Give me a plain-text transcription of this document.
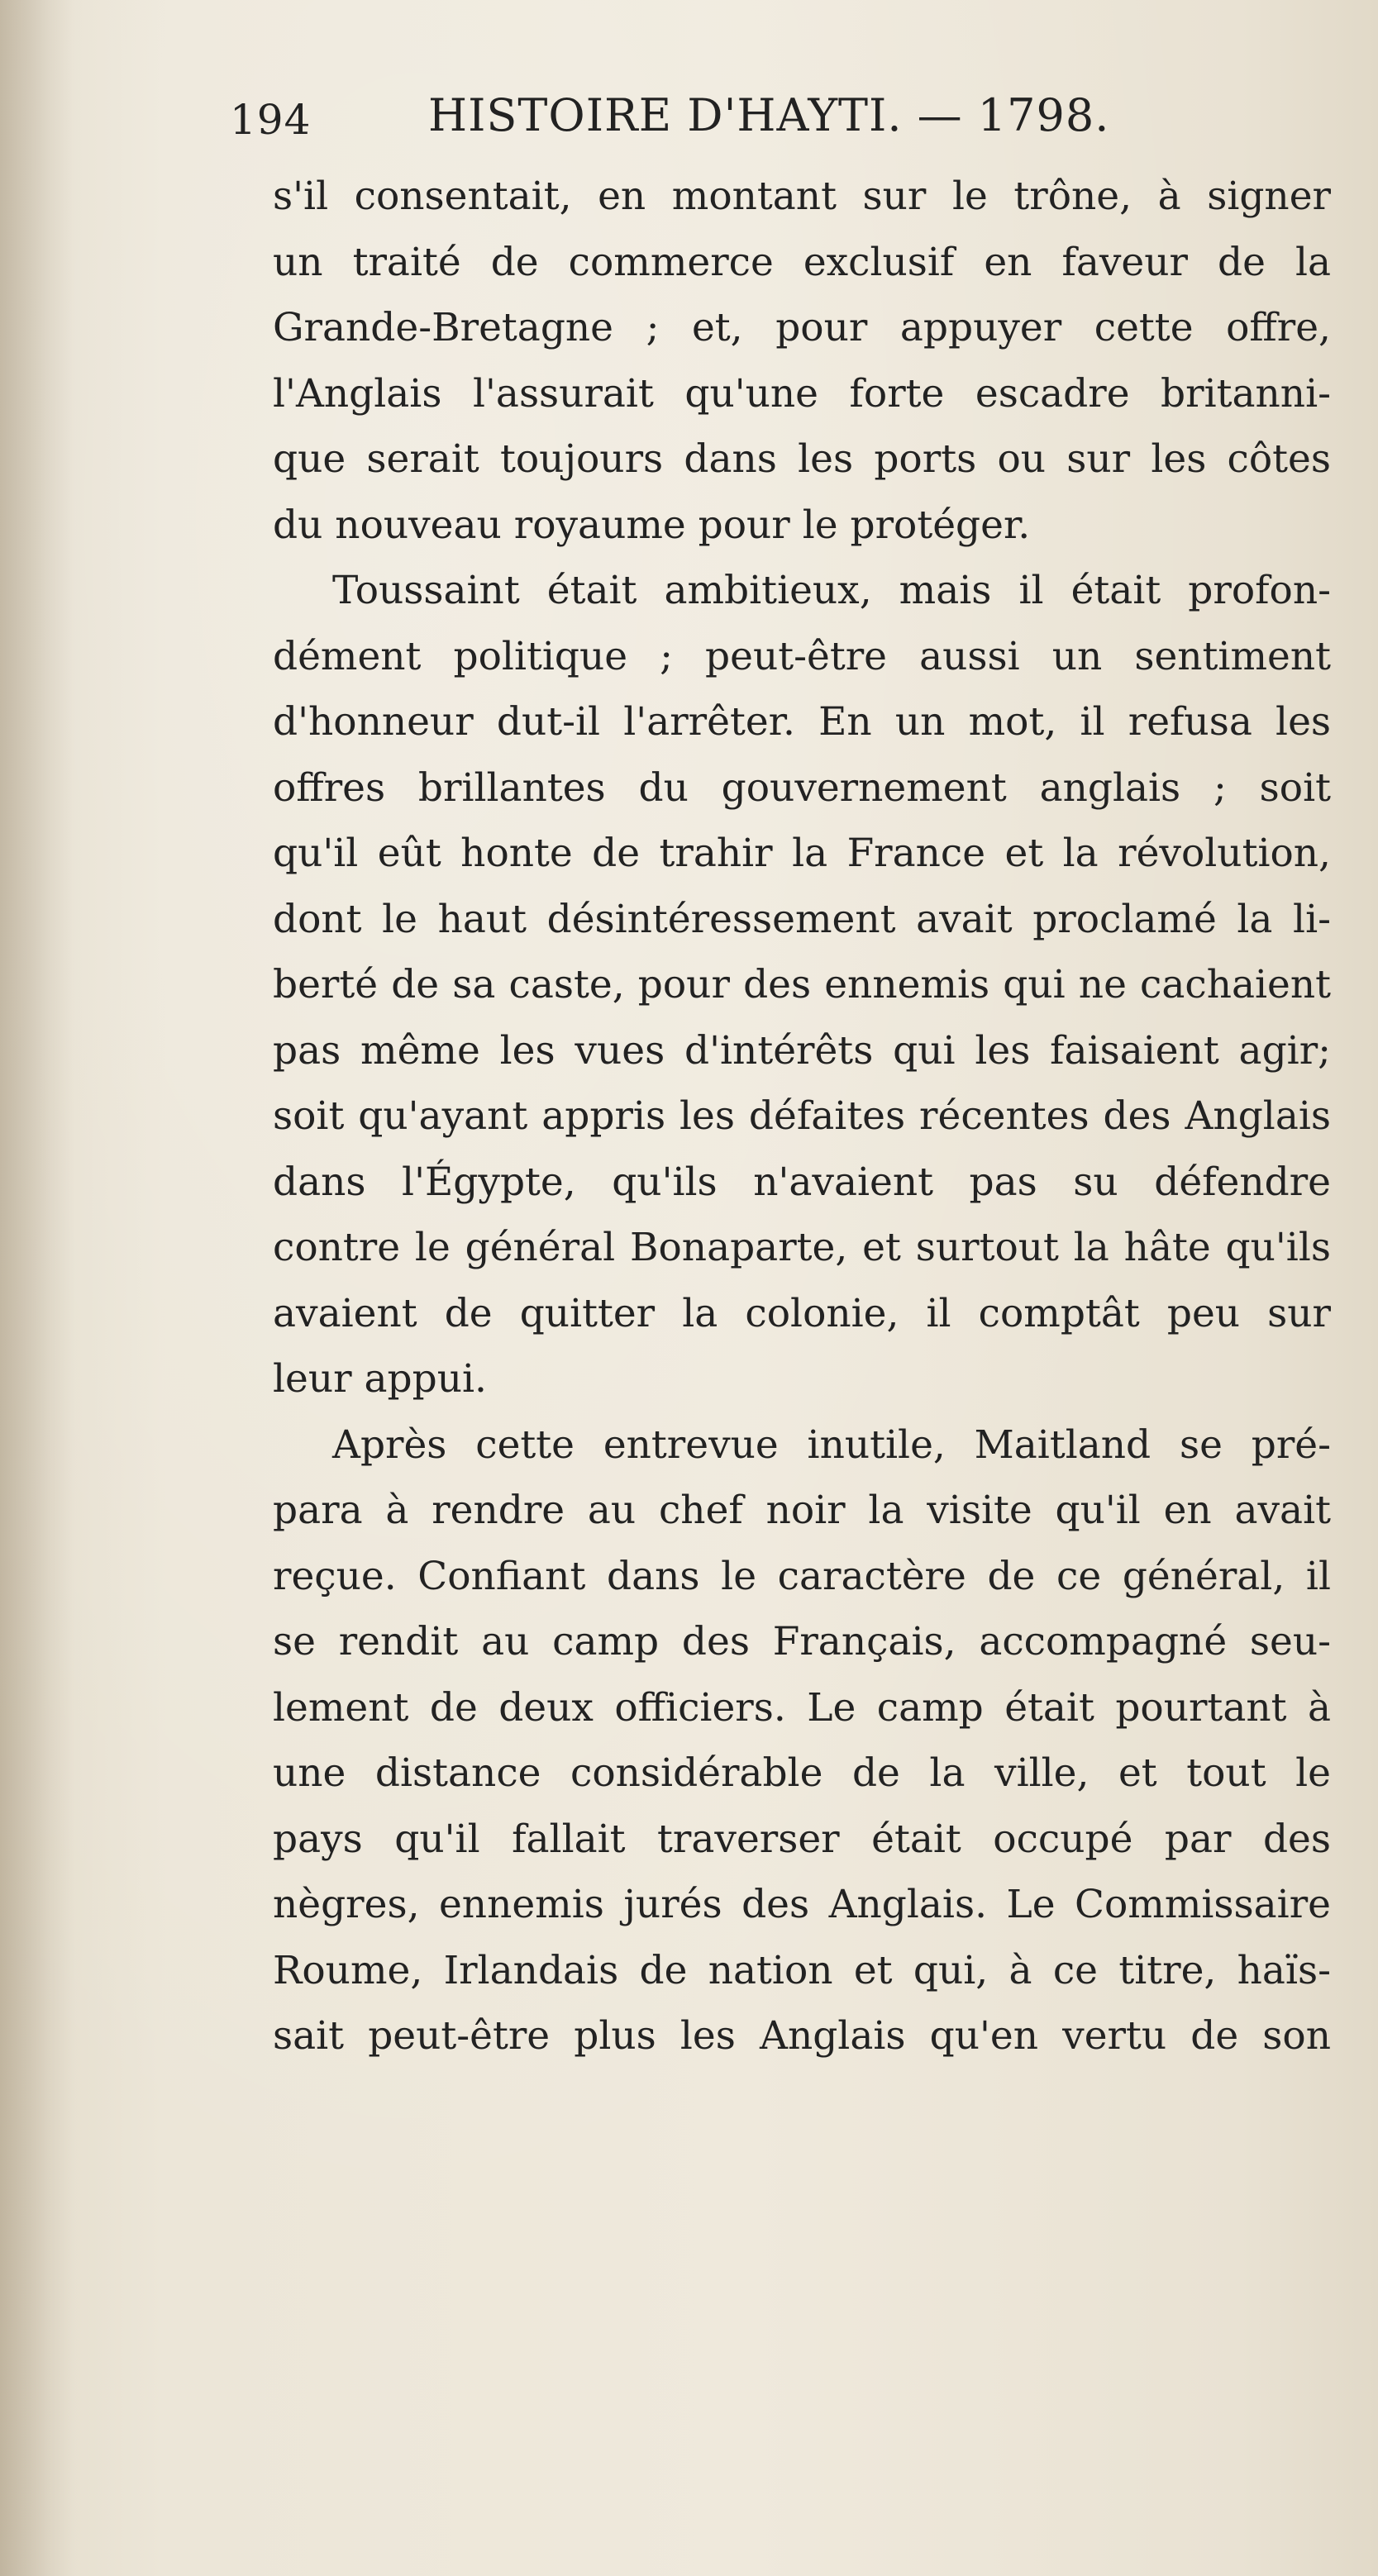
194	HISTOIRE D'HAYTI. — 1798.
s'il consentait, en montant sur le trône, à signer
un traité de commerce exclusif en faveur de la
Grande-Bretagne ; et, pour appuyer cette offre,
l'Anglais l'assurait qu'une forte escadre britanni-
que serait toujours dans les ports ou sur les côtes
du nouveau royaume pour le protéger.
Toussaint était ambitieux, mais il était profon-
dément politique ; peut-être aussi un sentiment
d'honneur dut-il l'arrêter. En un mot, il refusa les
offres brillantes du gouvernement anglais ; soit
qu'il eût honte de trahir la France et la révolution,
dont le haut désintéressement avait proclamé la li-
berté de sa caste, pour des ennemis qui ne cachaient
pas même les vues d'intérêts qui les faisaient agir;
soit qu'ayant appris les défaites récentes des Anglais
dans l'Égypte, qu'ils n'avaient pas su défendre
contre le général Bonaparte, et surtout la hâte qu'ils
avaient de quitter la colonie, il comptât peu sur
leur appui.
Après cette entrevue inutile, Maitland se pré-
para à rendre au chef noir la visite qu'il en avait
reçue. Confiant dans le caractère de ce général, il
se rendit au camp des Français, accompagné seu-
lement de deux officiers. Le camp était pourtant à
une distance considérable de la ville, et tout le
pays qu'il fallait traverser était occupé par des
nègres, ennemis jurés des Anglais. Le Commissaire
Roume, Irlandais de nation et qui, à ce titre, haïs-
sait peut-être plus les Anglais qu'en vertu de son
